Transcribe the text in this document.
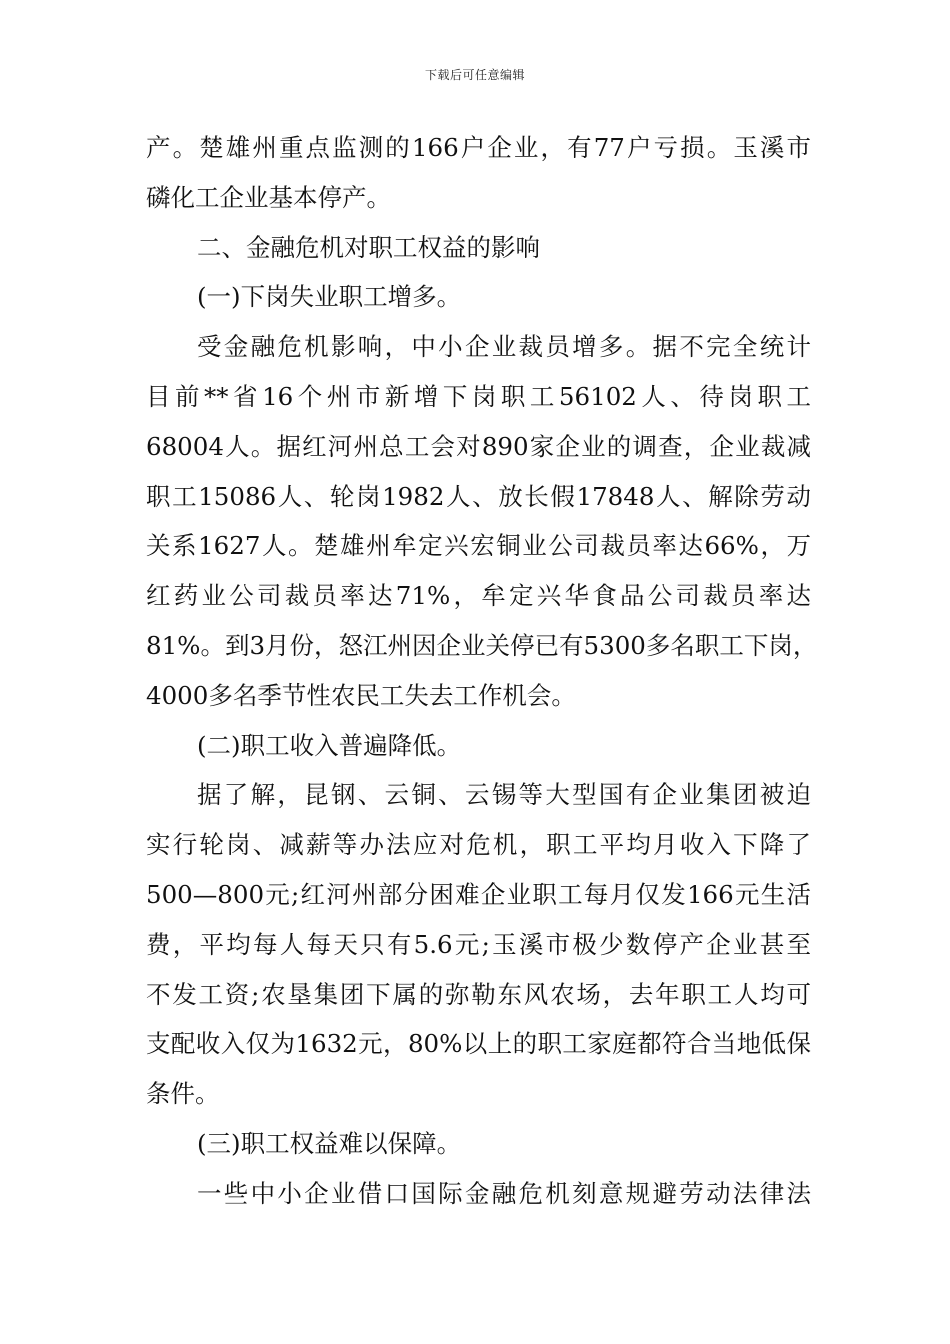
下载后可任意编辑
产。楚雄州重点监测的166户企业，有77户亏损。玉溪市
磷化工企业基本停产。
二、金融危机对职工权益的影响
(一)下岗失业职工增多。
受金融危机影响，中小企业裁员增多。据不完全统计
目前**省16个州市新增下岗职工56102人、待岗职工
68004人。据红河州总工会对890家企业的调查，企业裁减
职工15086人、轮岗1982人、放长假17848人、解除劳动
关系1627人。楚雄州牟定兴宏铜业公司裁员率达66%，万
红药业公司裁员率达71%，牟定兴华食品公司裁员率达
81%。到3月份，怒江州因企业关停已有5300多名职工下岗，
4000多名季节性农民工失去工作机会。
(二)职工收入普遍降低。
据了解，昆钢、云铜、云锡等大型国有企业集团被迫
实行轮岗、减薪等办法应对危机，职工平均月收入下降了
500—800元;红河州部分困难企业职工每月仅发166元生活
费，平均每人每天只有5.6元;玉溪市极少数停产企业甚至
不发工资;农垦集团下属的弥勒东风农场，去年职工人均可
支配收入仅为1632元，80%以上的职工家庭都符合当地低保
条件。
(三)职工权益难以保障。
一些中小企业借口国际金融危机刻意规避劳动法律法
